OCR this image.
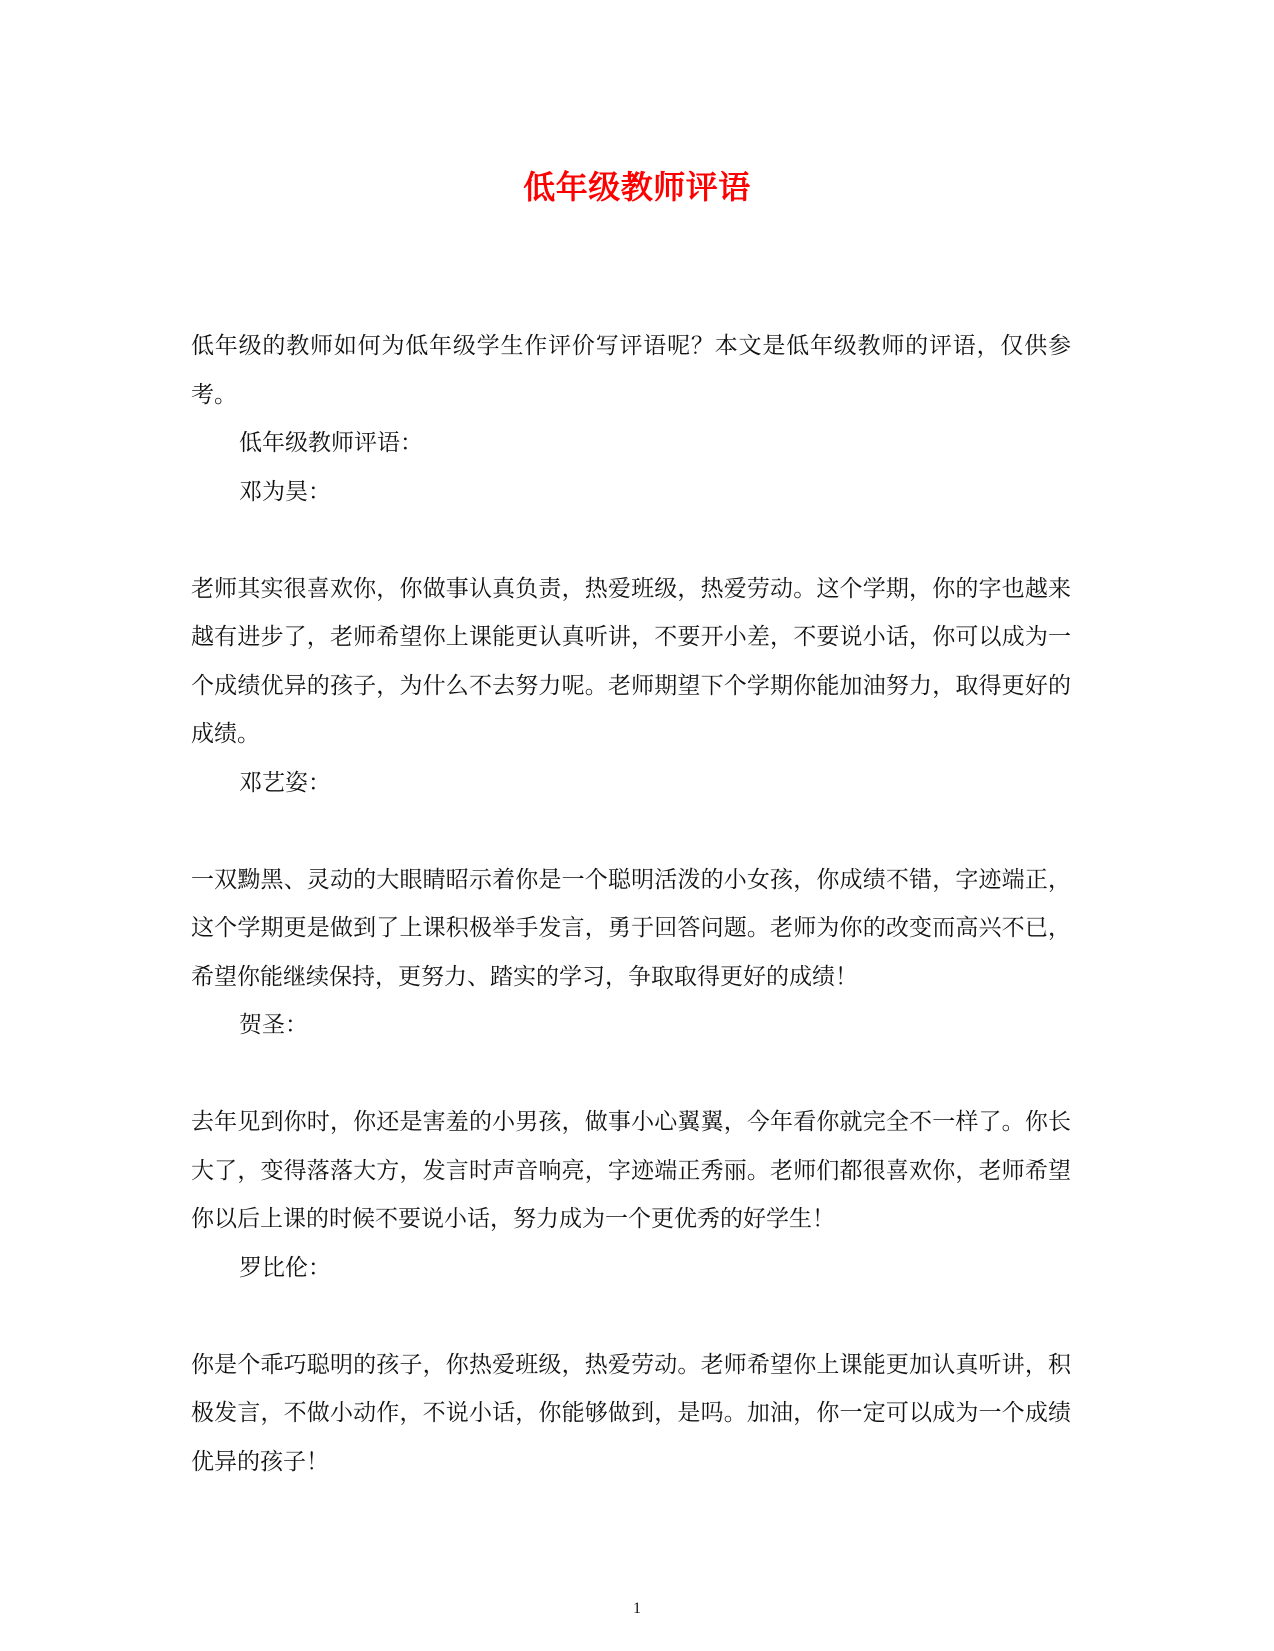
低年级教师评语

低年级的教师如何为低年级学生作评价写评语呢？本文是低年级教师的评语，仅供参考。

低年级教师评语：

邓为昊：

老师其实很喜欢你，你做事认真负责，热爱班级，热爱劳动。这个学期，你的字也越来越有进步了，老师希望你上课能更认真听讲，不要开小差，不要说小话，你可以成为一个成绩优异的孩子，为什么不去努力呢。老师期望下个学期你能加油努力，取得更好的成绩。

邓艺姿：

一双黝黑、灵动的大眼睛昭示着你是一个聪明活泼的小女孩，你成绩不错，字迹端正，这个学期更是做到了上课积极举手发言，勇于回答问题。老师为你的改变而高兴不已，希望你能继续保持，更努力、踏实的学习，争取取得更好的成绩！

贺圣：

去年见到你时，你还是害羞的小男孩，做事小心翼翼，今年看你就完全不一样了。你长大了，变得落落大方，发言时声音响亮，字迹端正秀丽。老师们都很喜欢你，老师希望你以后上课的时候不要说小话，努力成为一个更优秀的好学生！

罗比伦：

你是个乖巧聪明的孩子，你热爱班级，热爱劳动。老师希望你上课能更加认真听讲，积极发言，不做小动作，不说小话，你能够做到，是吗。加油，你一定可以成为一个成绩优异的孩子！

1
